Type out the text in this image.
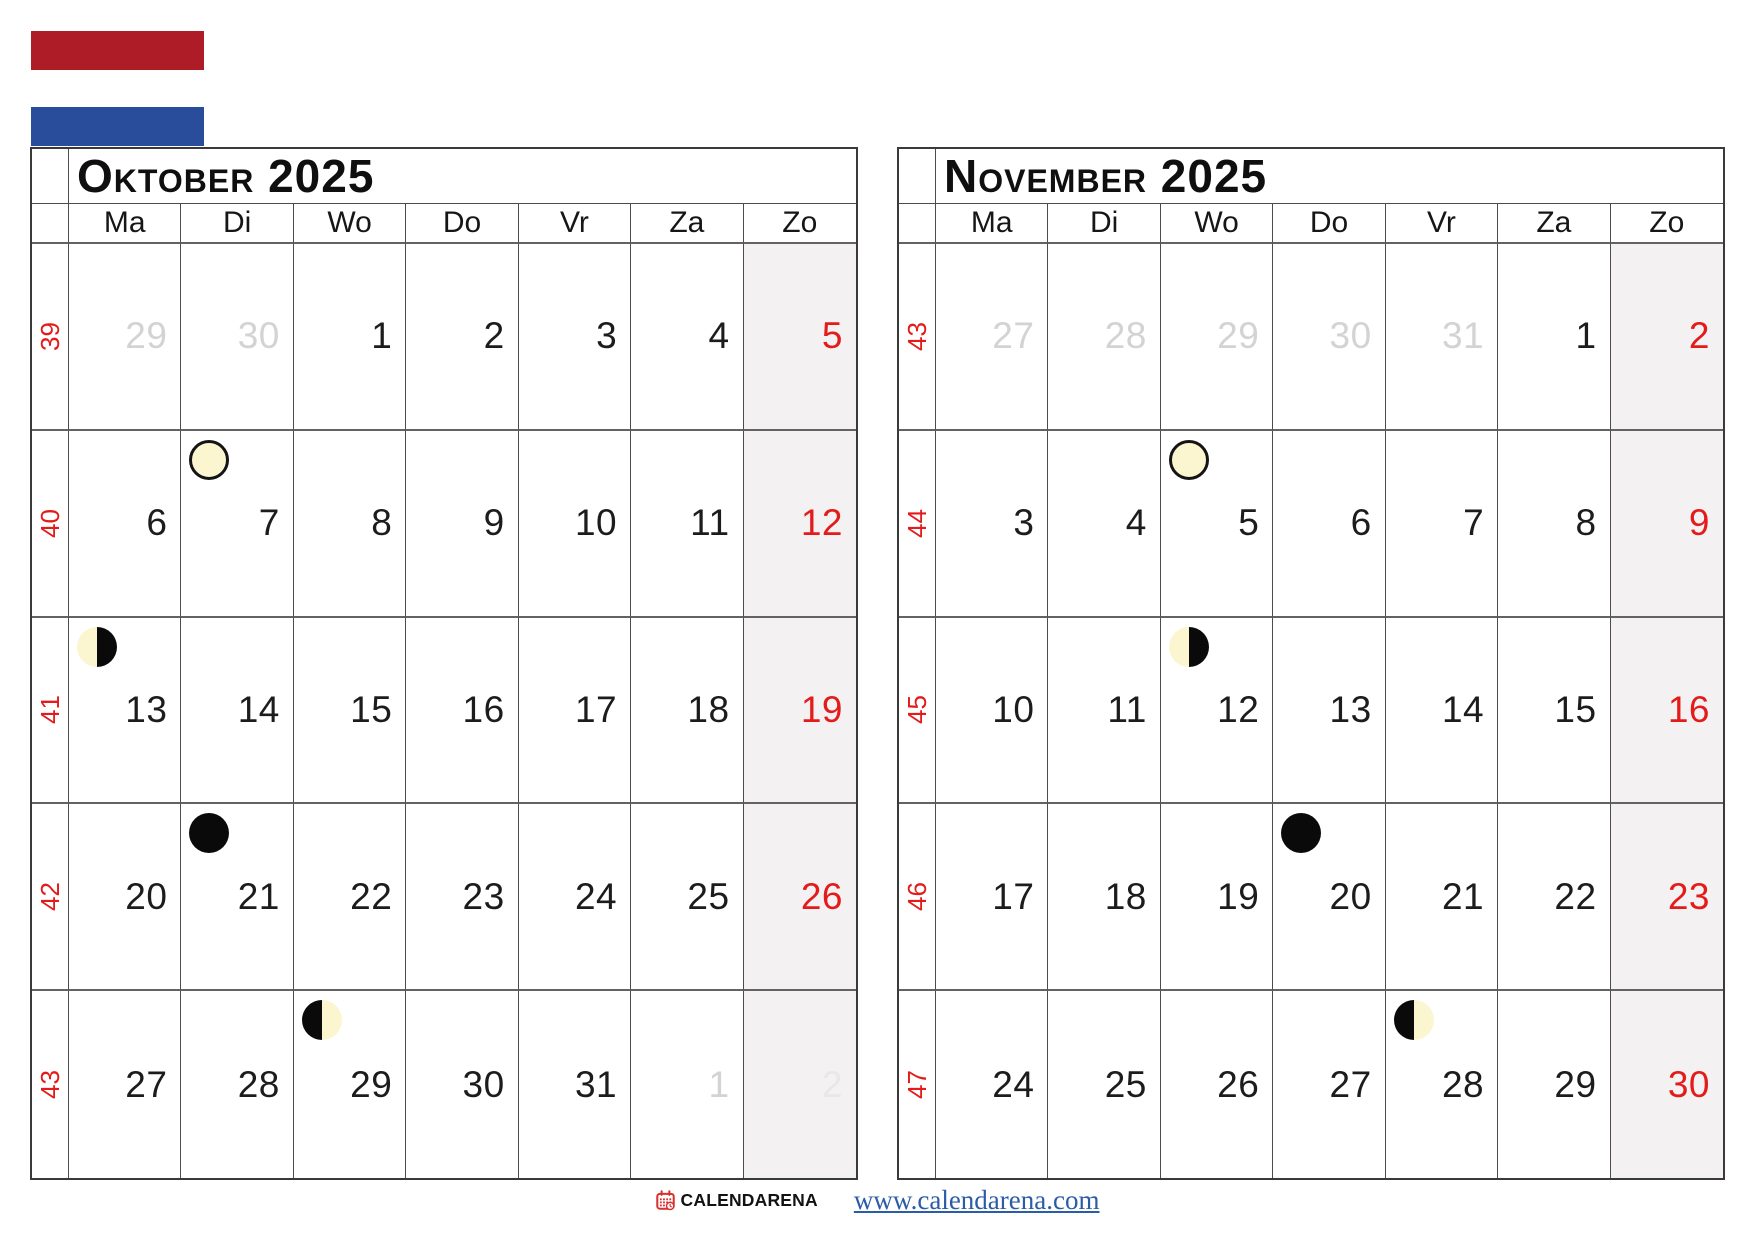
Oktober 2025
Ma	Di	Wo	Do	Vr	Za	Zo
39 29 30 1 2 3 4 5
40 6 7 8 9 10 11 12
41 13 14 15 16 17 18 19
42 20 21 22 23 24 25 26
43 27 28 29 30 31 1 2
November 2025
Ma	Di	Wo	Do	Vr	Za	Zo
43 27 28 29 30 31 1 2
44 3 4 5 6 7 8 9
45 10 11 12 13 14 15 16
46 17 18 19 20 21 22 23
47 24 25 26 27 28 29 30
CALENDARENA www.calendarena.com
